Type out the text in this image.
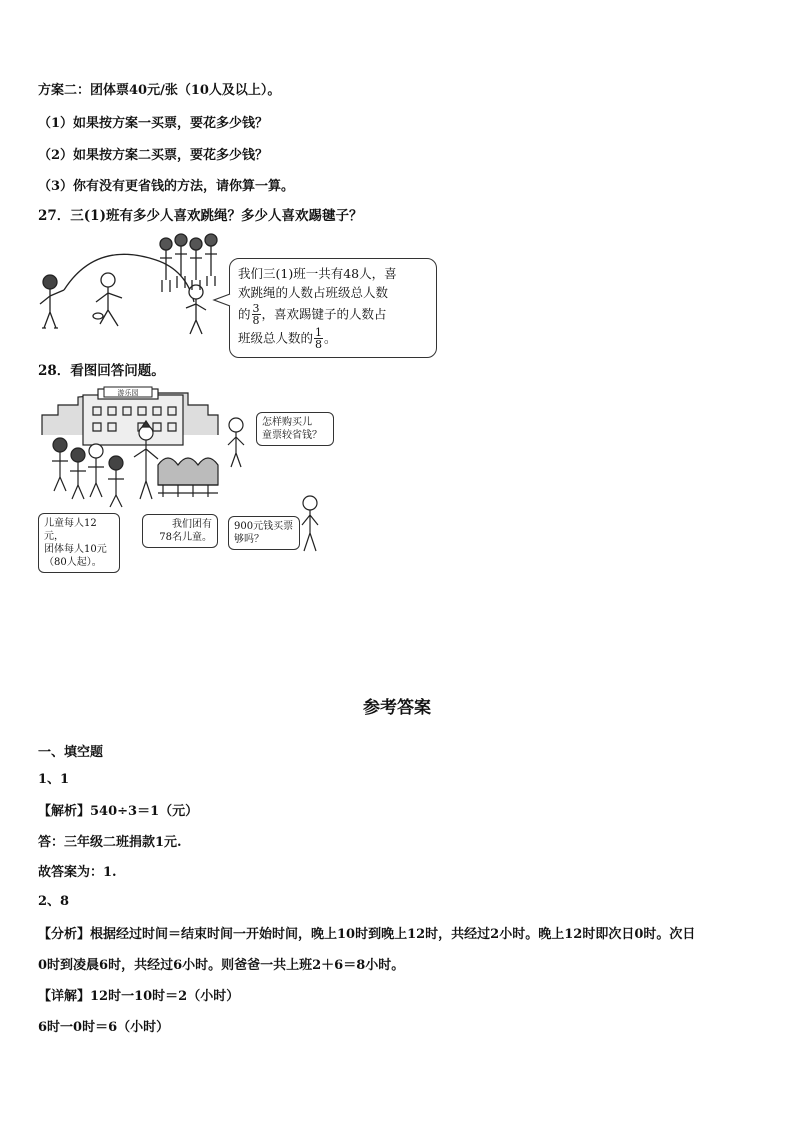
方案二：团体票40元/张（10人及以上）。
（1）如果按方案一买票，要花多少钱？
（2）如果按方案二买票，要花多少钱？
（3）你有没有更省钱的方法，请你算一算。
27．三(1)班有多少人喜欢跳绳？多少人喜欢踢毽子？
我们三(1)班一共有48人，喜
欢跳绳的人数占班级总人数
的 $\frac{3}{8}$ ，喜欢踢键子的人数占
班级总人数的 $\frac{1}{8}$ 。
28．看图回答问题。
游乐园
儿童每人12元，
团体每人10元
（80人起）。
我们团有
78名儿童。
怎样购买儿
童票较省钱？
900元钱买票
够吗？
参考答案
一、填空题
1、1
【解析】540÷3＝1（元）
答：三年级二班捐款1元.
故答案为：1.
2、8
【分析】根据经过时间＝结束时间一开始时间，晚上10时到晚上12时，共经过2小时。晚上12时即次日0时。次日
0时到凌晨6时，共经过6小时。则爸爸一共上班2＋6＝8小时。
【详解】12时一10时＝2（小时）
6时一0时＝6（小时）
